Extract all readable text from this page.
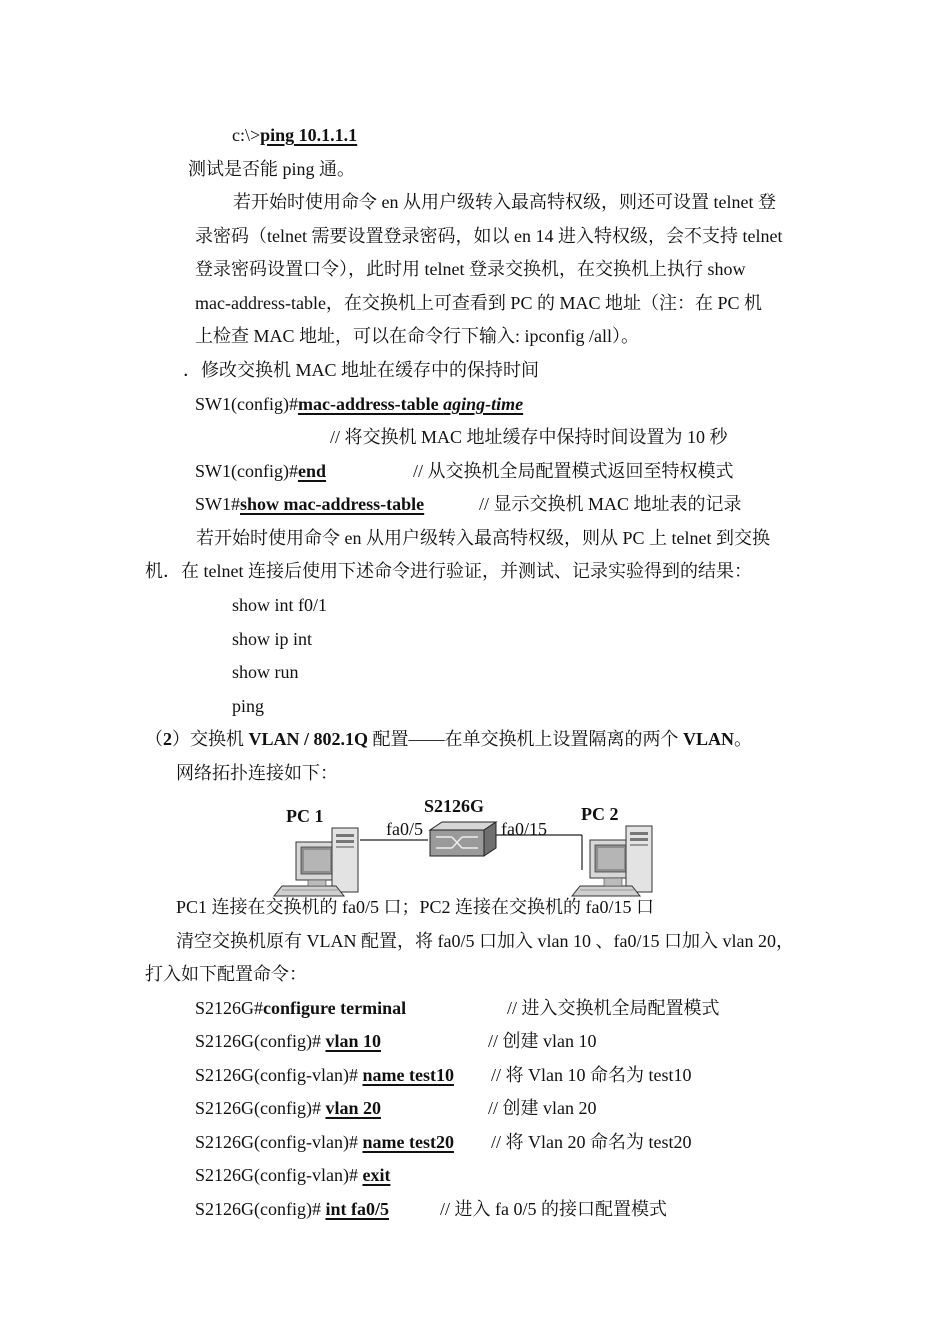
c:\>ping 10.1.1.1
测试是否能 ping 通。
若开始时使用命令 en 从用户级转入最高特权级，则还可设置 telnet 登
录密码（telnet 需要设置登录密码，如以 en 14 进入特权级，会不支持 telnet
登录密码设置口令），此时用 telnet 登录交换机，在交换机上执行 show
mac-address-table，在交换机上可查看到 PC 的 MAC 地址（注：在 PC 机
上检查 MAC 地址，可以在命令行下输入: ipconfig /all）。
．修改交换机 MAC 地址在缓存中的保持时间
SW1(config)#mac-address-table aging-time
// 将交换机 MAC 地址缓存中保持时间设置为 10 秒
SW1(config)#end	// 从交换机全局配置模式返回至特权模式
SW1#show mac-address-table	// 显示交换机 MAC 地址表的记录
若开始时使用命令 en 从用户级转入最高特权级，则从 PC 上 telnet 到交换
机．在 telnet 连接后使用下述命令进行验证，并测试、记录实验得到的结果：
show int f0/1
show ip int
show run
ping
（2）交换机 VLAN / 802.1Q 配置——在单交换机上设置隔离的两个 VLAN。
网络拓扑连接如下：
PC 1	S2126G
fa0/5	fa0/15
PC 2
PC1 连接在交换机的 fa0/5 口；PC2 连接在交换机的 fa0/15 口
清空交换机原有 VLAN 配置，将 fa0/5 口加入 vlan 10 、fa0/15 口加入 vlan 20，
打入如下配置命令：
S2126G#configure terminal	// 进入交换机全局配置模式
S2126G(config)# vlan 10	// 创建 vlan 10
S2126G(config-vlan)# name test10 // 将 Vlan 10 命名为 test10
S2126G(config)# vlan 20	// 创建 vlan 20
S2126G(config-vlan)# name test20 // 将 Vlan 20 命名为 test20
S2126G(config-vlan)# exit
S2126G(config)# int fa0/5	// 进入 fa 0/5 的接口配置模式
